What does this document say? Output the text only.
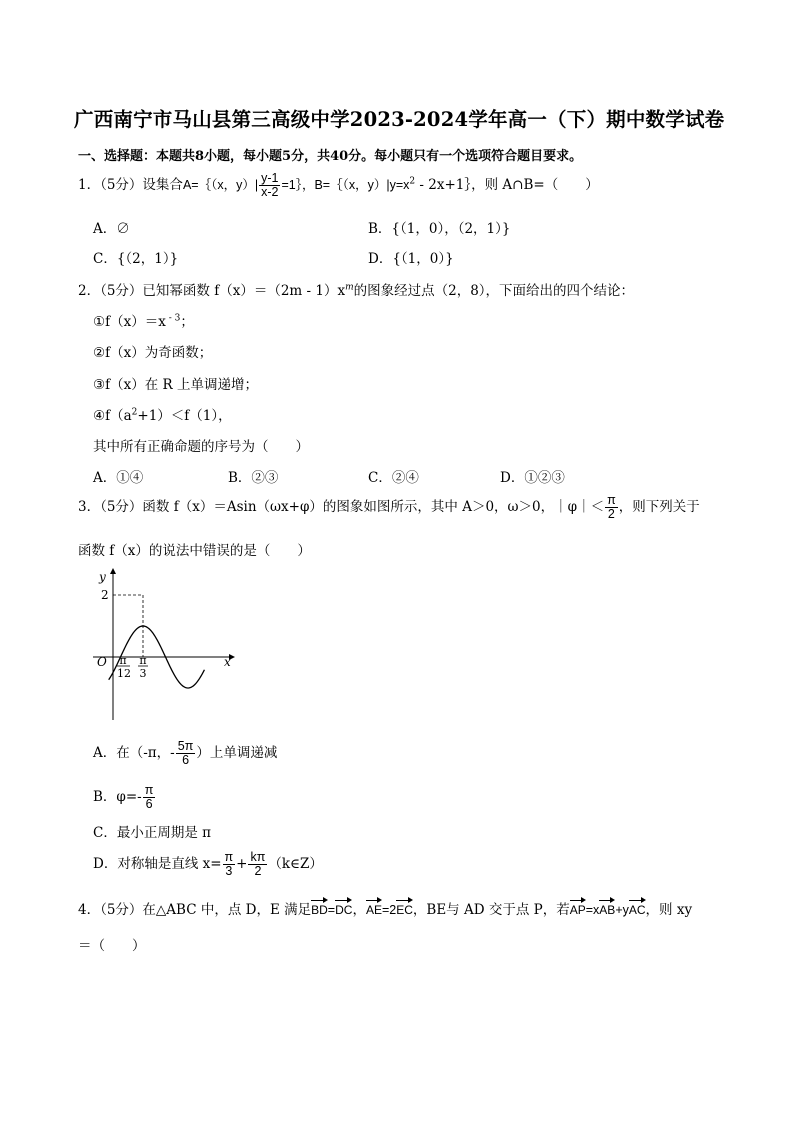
广西南宁市马山县第三高级中学2023-2024学年高一（下）期中数学试卷
一、选择题：本题共8小题，每小题5分，共40分。每小题只有一个选项符合题目要求。
1．（5分）设集合A=｛（x，$y)| \frac{y-1}{x-2}$ =1｝，B=｛（x，$y)|y=x^2$ - 2x+1｝，则 A∩B=（　　）
A．∅	B．{（1，0），（2，1）}
C．{（2，1）}	D．{（1，0）}
2．（5分）已知幂函数 $f(x)=(2m - 1)x^m$的图象经过点（2，8），下面给出的四个结论：
①f（x）＝x $^{- 3}$；
②f（x）为奇函数；
③f（x）在 R 上单调递增；
$④f(a^2+1)<f(1)$，
其中所有正确命题的序号为（　　）
A．①④	B．②③	C．②④	D．①②③
3．（5分）函数 f（x）＝Asin（ωx+φ）的图象如图所示，其中 A＞0，ω＞0，｜φ｜＜ $\frac{\pi}{2}$ ，则下列关于
函数 f（x）的说法中错误的是（　　）
y
x
O
2
π
12
π
3
A．在（-π，- $\frac{5\pi}{6}$ ）上单调递减
B．$\varphi=- \frac{\pi}{6}$
C．最小正周期是 π
D．对称轴是直线 $x= \frac{\pi}{3} + \frac{k\pi}{2}$ （k∈Z）
4．（5分）在△ABC 中，点 D，E 满足BD=DC，AE=2EC，BE与 AD 交于点 P，若AP=xAB+yAC，则 xy
＝（　　）
